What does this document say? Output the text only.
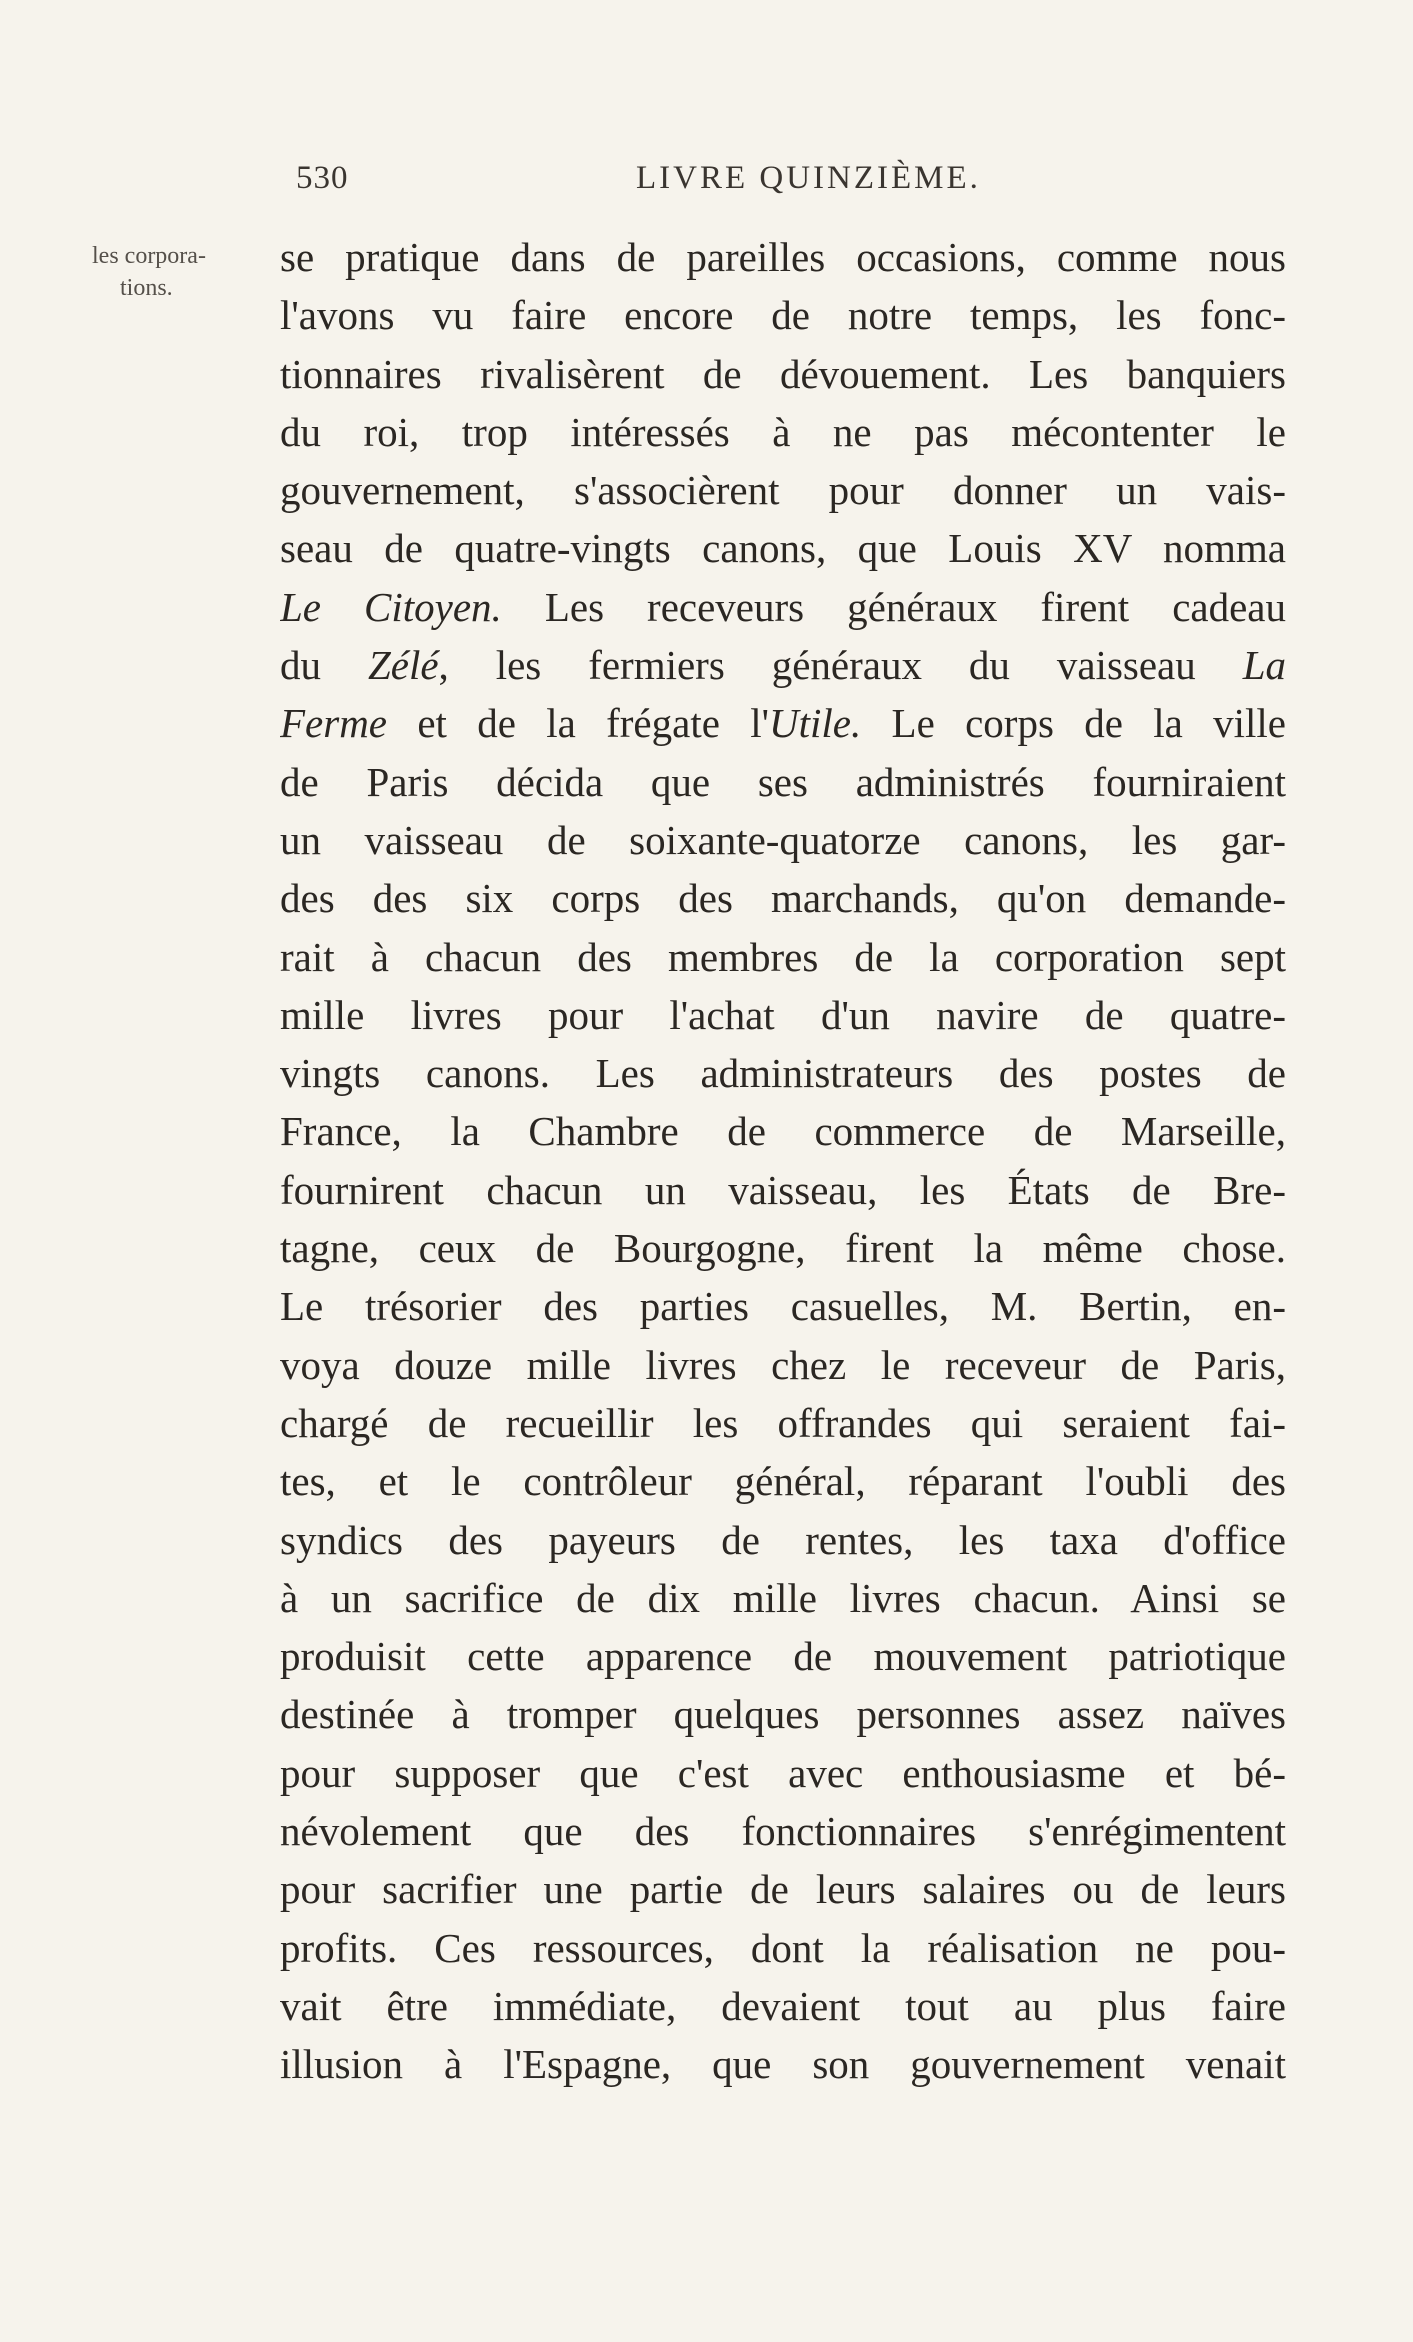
530	LIVRE QUINZIÈME.
les corpora-
tions.
se pratique dans de pareilles occasions, comme nous
l'avons vu faire encore de notre temps, les fonc-
tionnaires rivalisèrent de dévouement. Les banquiers
du roi, trop intéressés à ne pas mécontenter le
gouvernement, s'associèrent pour donner un vais-
seau de quatre-vingts canons, que Louis XV nomma
Le Citoyen. Les receveurs généraux firent cadeau
du Zélé, les fermiers généraux du vaisseau La
Ferme et de la frégate l'Utile. Le corps de la ville
de Paris décida que ses administrés fourniraient
un vaisseau de soixante-quatorze canons, les gar-
des des six corps des marchands, qu'on demande-
rait à chacun des membres de la corporation sept
mille livres pour l'achat d'un navire de quatre-
vingts canons. Les administrateurs des postes de
France, la Chambre de commerce de Marseille,
fournirent chacun un vaisseau, les États de Bre-
tagne, ceux de Bourgogne, firent la même chose.
Le trésorier des parties casuelles, M. Bertin, en-
voya douze mille livres chez le receveur de Paris,
chargé de recueillir les offrandes qui seraient fai-
tes, et le contrôleur général, réparant l'oubli des
syndics des payeurs de rentes, les taxa d'office
à un sacrifice de dix mille livres chacun. Ainsi se
produisit cette apparence de mouvement patriotique
destinée à tromper quelques personnes assez naïves
pour supposer que c'est avec enthousiasme et bé-
névolement que des fonctionnaires s'enrégimentent
pour sacrifier une partie de leurs salaires ou de leurs
profits. Ces ressources, dont la réalisation ne pou-
vait être immédiate, devaient tout au plus faire
illusion à l'Espagne, que son gouvernement venait
